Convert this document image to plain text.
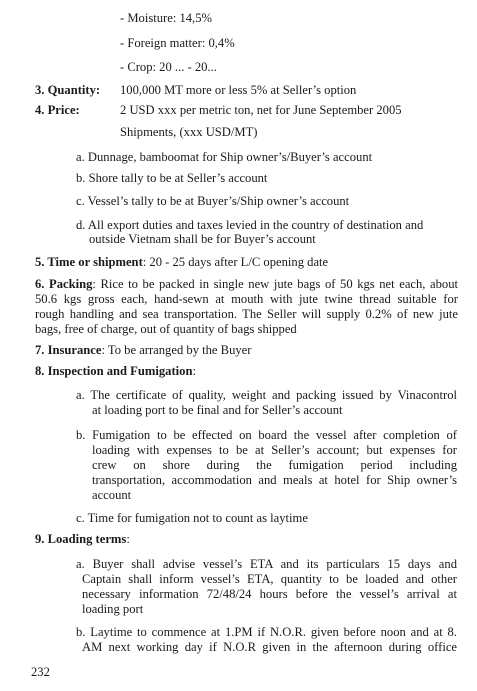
- Moisture: 14,5%
- Foreign matter: 0,4%
- Crop: 20 ... - 20...
3. Quantity: 100,000 MT more or less 5% at Seller’s option
4. Price:	2 USD xxx per metric ton, net for June September 2005
Shipments, (xxx USD/MT)
a. Dunnage, bamboomat for Ship owner’s/Buyer’s account
b. Shore tally to be at Seller’s account
c. Vessel’s tally to be at Buyer’s/Ship owner’s account
d. All export duties and taxes levied in the country of destination and
outside Vietnam shall be for Buyer’s account
5. Time or shipment: 20 - 25 days after L/C opening date
6. Packing: Rice to be packed in single new jute bags of 50 kgs net each, about
50.6 kgs gross each, hand-sewn at mouth with jute twine thread suitable for
rough handling and sea transportation. The Seller will supply 0.2% of new jute
bags, free of charge, out of quantity of bags shipped
7. Insurance: To be arranged by the Buyer
8. Inspection and Fumigation:
a. The certificate of quality, weight and packing issued by Vinacontrol
at loading port to be final and for Seller’s account
b. Fumigation to be effected on board the vessel after completion of
loading with expenses to be at Seller’s account; but expenses for
crew on shore during the fumigation period including
transportation, accommodation and meals at hotel for Ship owner’s
account
c. Time for fumigation not to count as laytime
9. Loading terms:
a. Buyer shall advise vessel’s ETA and its particulars 15 days and
Captain shall inform vessel’s ETA, quantity to be loaded and other
necessary information 72/48/24 hours before the vessel’s arrival at
loading port
b. Laytime to commence at 1.PM if N.O.R. given before noon and at 8.
AM next working day if N.O.R given in the afternoon during office
232
